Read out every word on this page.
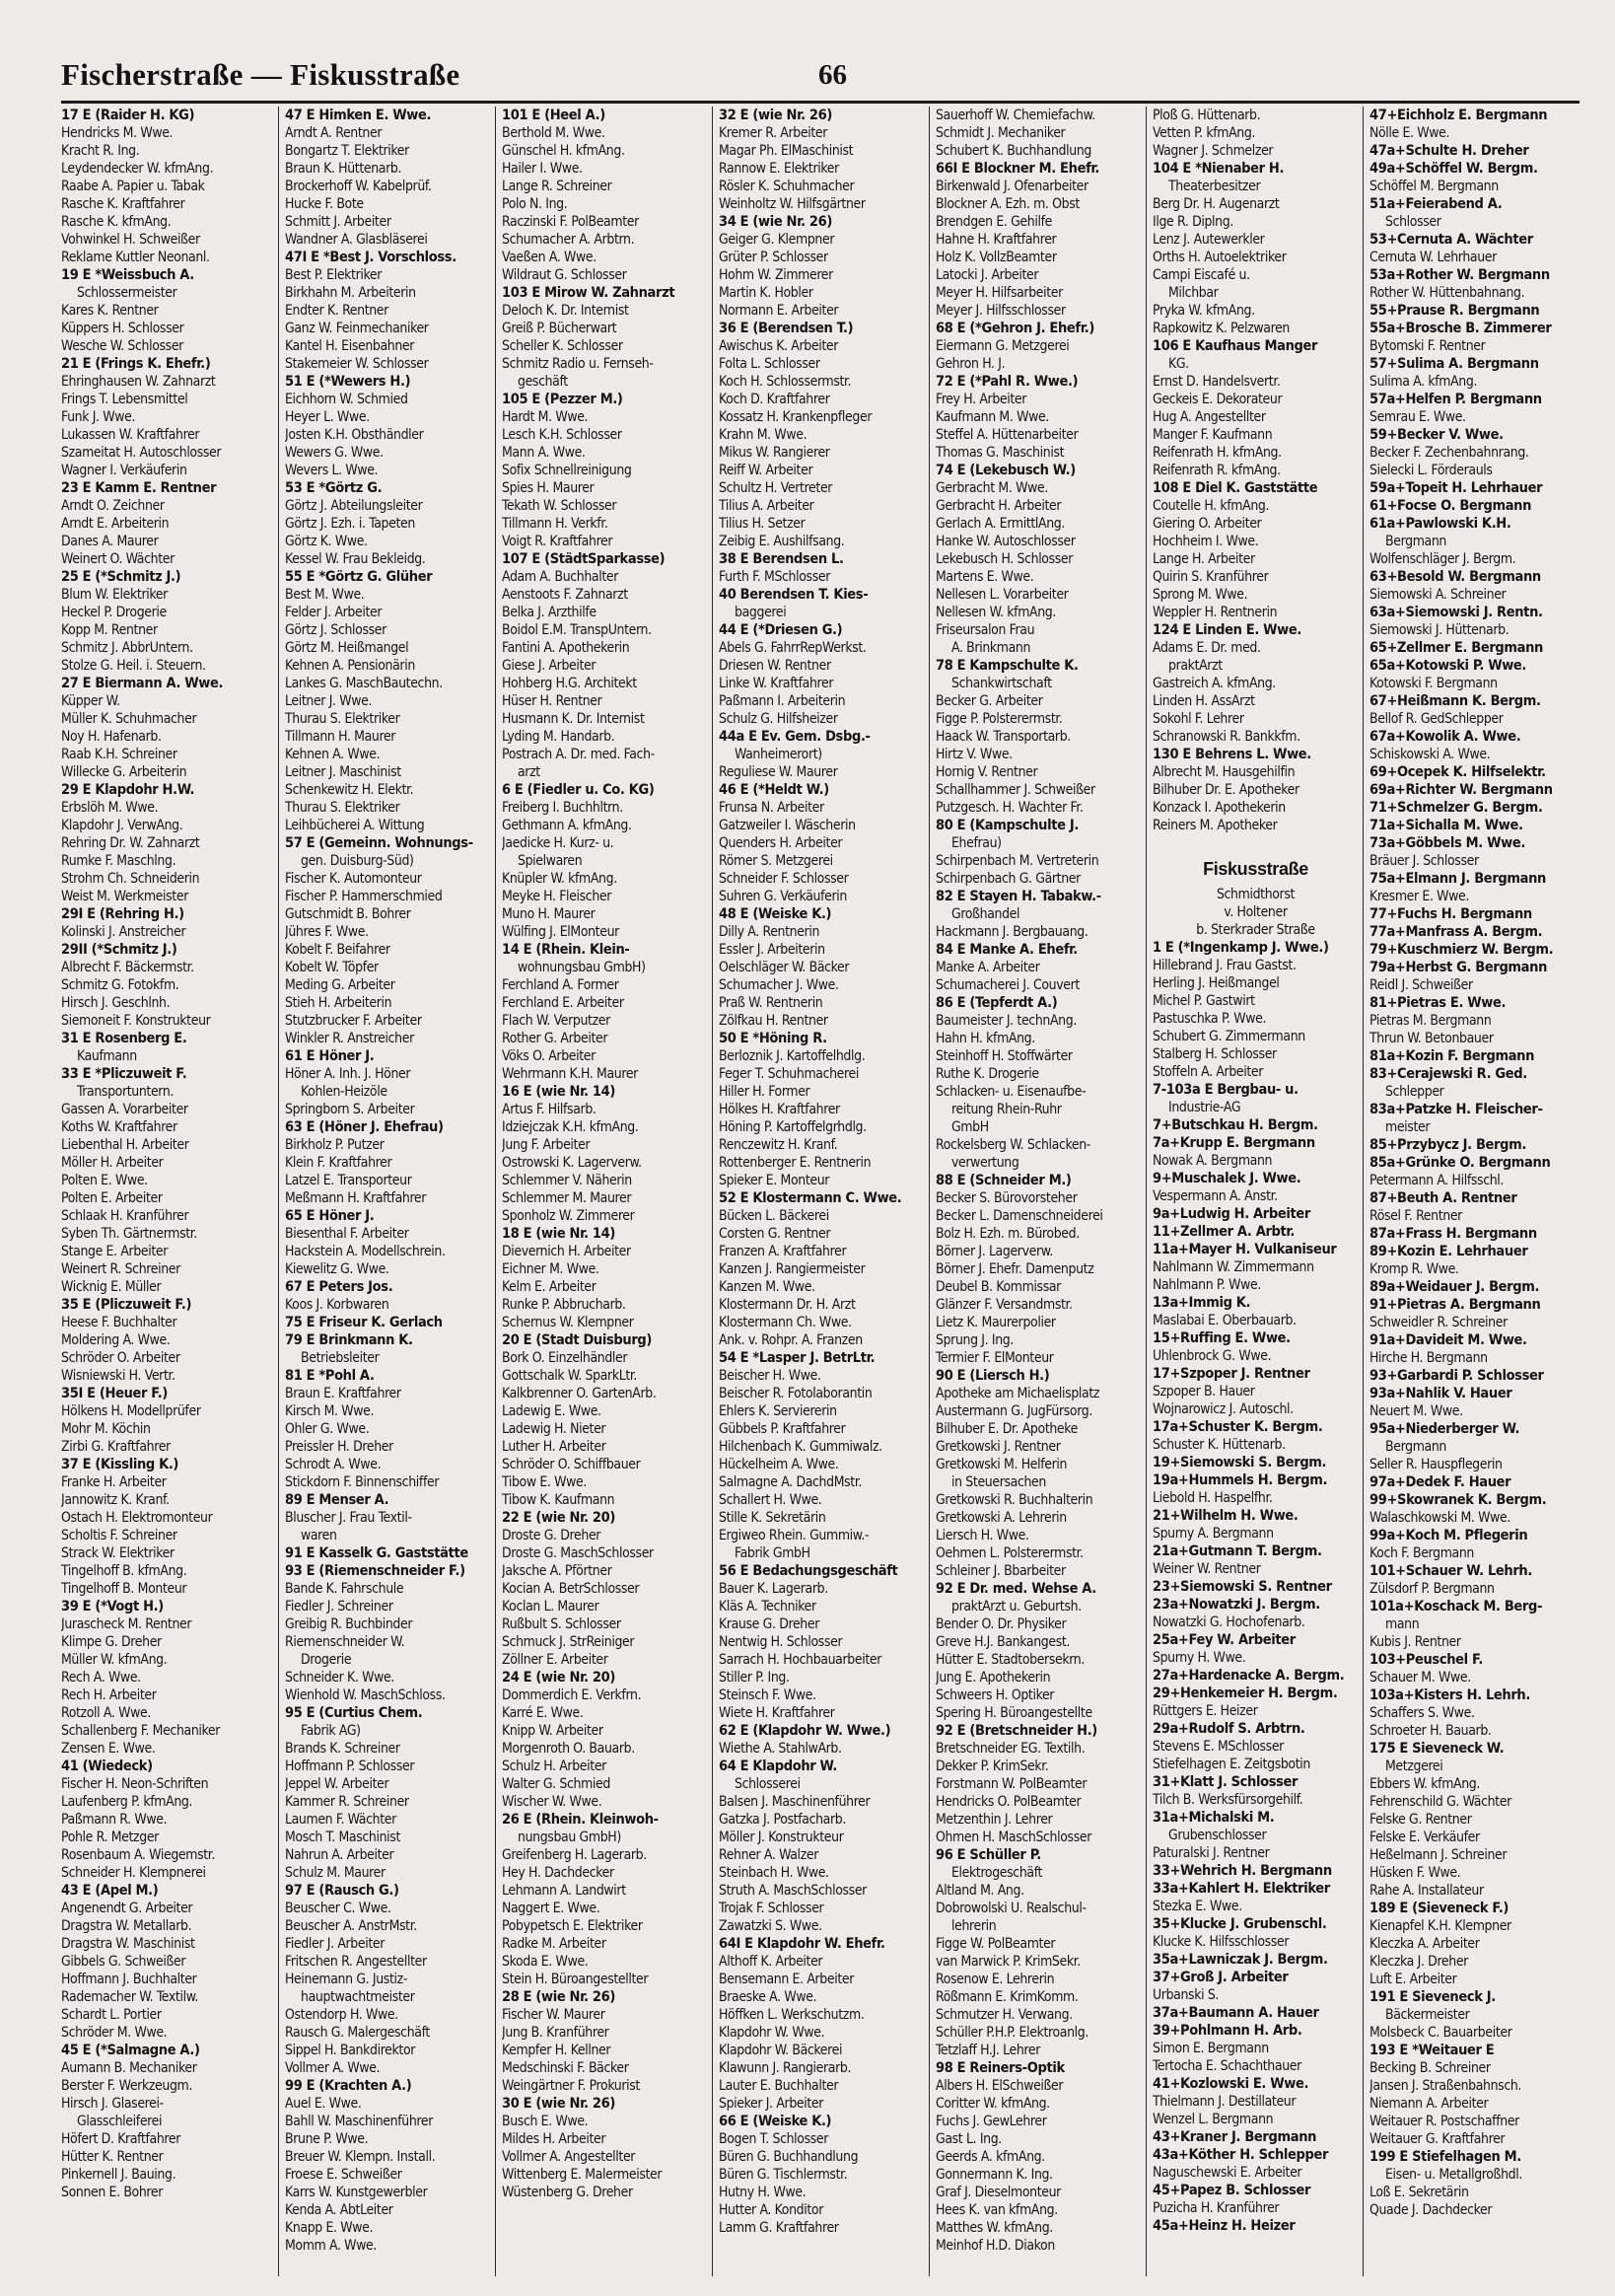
Fischerstraße — Fiskusstraße	66
17 E (Raider H. KG)
Hendricks M. Wwe.
Kracht R. Ing.
Leydendecker W. kfmAng.
Raabe A. Papier u. Tabak
Rasche K. Kraftfahrer
Rasche K. kfmAng.
Vohwinkel H. Schweißer
Reklame Kuttler Neonanl.
19 E *Weissbuch A.
Schlossermeister
Kares K. Rentner
Küppers H. Schlosser
Wesche W. Schlosser
21 E (Frings K. Ehefr.)
Ehringhausen W. Zahnarzt
Frings T. Lebensmittel
Funk J. Wwe.
Lukassen W. Kraftfahrer
Szameitat H. Autoschlosser
Wagner I. Verkäuferin
23 E Kamm E. Rentner
Arndt O. Zeichner
Arndt E. Arbeiterin
Danes A. Maurer
Weinert O. Wächter
25 E (*Schmitz J.)
Blum W. Elektriker
Heckel P. Drogerie
Kopp M. Rentner
Schmitz J. AbbrUntern.
Stolze G. Heil. i. Steuern.
27 E Biermann A. Wwe.
Küpper W.
Müller K. Schuhmacher
Noy H. Hafenarb.
Raab K.H. Schreiner
Willecke G. Arbeiterin
29 E Klapdohr H.W.
Erbslöh M. Wwe.
Klapdohr J. VerwAng.
Rehring Dr. W. Zahnarzt
Rumke F. Maschlng.
Strohm Ch. Schneiderin
Weist M. Werkmeister
29I E (Rehring H.)
Kolinski J. Anstreicher
29II (*Schmitz J.)
Albrecht F. Bäckermstr.
Schmitz G. Fotokfm.
Hirsch J. Geschlnh.
Siemoneit F. Konstrukteur
31 E Rosenberg E.
Kaufmann
33 E *Pliczuweit F.
Transportuntern.
Gassen A. Vorarbeiter
Koths W. Kraftfahrer
Liebenthal H. Arbeiter
Möller H. Arbeiter
Polten E. Wwe.
Polten E. Arbeiter
Schlaak H. Kranführer
Syben Th. Gärtnermstr.
Stange E. Arbeiter
Weinert R. Schreiner
Wicknig E. Müller
35 E (Pliczuweit F.)
Heese F. Buchhalter
Moldering A. Wwe.
Schröder O. Arbeiter
Wisniewski H. Vertr.
35I E (Heuer F.)
Hölkens H. Modellprüfer
Mohr M. Köchin
Zirbi G. Kraftfahrer
37 E (Kissling K.)
Franke H. Arbeiter
Jannowitz K. Kranf.
Ostach H. Elektromonteur
Scholtis F. Schreiner
Strack W. Elektriker
Tingelhoff B. kfmAng.
Tingelhoff B. Monteur
39 E (*Vogt H.)
Jurascheck M. Rentner
Klimpe G. Dreher
Müller W. kfmAng.
Rech A. Wwe.
Rech H. Arbeiter
Rotzoll A. Wwe.
Schallenberg F. Mechaniker
Zensen E. Wwe.
41 (Wiedeck)
Fischer H. Neon-Schriften
Laufenberg P. kfmAng.
Paßmann R. Wwe.
Pohle R. Metzger
Rosenbaum A. Wiegemstr.
Schneider H. Klempnerei
43 E (Apel M.)
Angenendt G. Arbeiter
Dragstra W. Metallarb.
Dragstra W. Maschinist
Gibbels G. Schweißer
Hoffmann J. Buchhalter
Rademacher W. Textilw.
Schardt L. Portier
Schröder M. Wwe.
45 E (*Salmagne A.)
Aumann B. Mechaniker
Berster F. Werkzeugm.
Hirsch J. Glaserei-
Glasschleiferei
Höfert D. Kraftfahrer
Hütter K. Rentner
Pinkernell J. Bauing.
Sonnen E. Bohrer
47 E Himken E. Wwe.
Arndt A. Rentner
Bongartz T. Elektriker
Braun K. Hüttenarb.
Brockerhoff W. Kabelprüf.
Hucke F. Bote
Schmitt J. Arbeiter
Wandner A. Glasbläserei
47I E *Best J. Vorschloss.
Best P. Elektriker
Birkhahn M. Arbeiterin
Endter K. Rentner
Ganz W. Feinmechaniker
Kantel H. Eisenbahner
Stakemeier W. Schlosser
51 E (*Wewers H.)
Eichhorn W. Schmied
Heyer L. Wwe.
Josten K.H. Obsthändler
Wewers G. Wwe.
Wevers L. Wwe.
53 E *Görtz G.
Görtz J. Abteilungsleiter
Görtz J. Ezh. i. Tapeten
Görtz K. Wwe.
Kessel W. Frau Bekleidg.
55 E *Görtz G. Glüher
Best M. Wwe.
Felder J. Arbeiter
Görtz J. Schlosser
Görtz M. Heißmangel
Kehnen A. Pensionärin
Lankes G. MaschBautechn.
Leitner J. Wwe.
Thurau S. Elektriker
Tillmann H. Maurer
Kehnen A. Wwe.
Leitner J. Maschinist
Schenkewitz H. Elektr.
Thurau S. Elektriker
Leihbücherei A. Wittung
57 E (Gemeinn. Wohnungs-
gen. Duisburg-Süd)
Fischer K. Automonteur
Fischer P. Hammerschmied
Gutschmidt B. Bohrer
Jühres F. Wwe.
Kobelt F. Beifahrer
Kobelt W. Töpfer
Meding G. Arbeiter
Stieh H. Arbeiterin
Stutzbrucker F. Arbeiter
Winkler R. Anstreicher
61 E Höner J.
Höner A. Inh. J. Höner
Kohlen-Heizöle
Springborn S. Arbeiter
63 E (Höner J. Ehefrau)
Birkholz P. Putzer
Klein F. Kraftfahrer
Latzel E. Transporteur
Meßmann H. Kraftfahrer
65 E Höner J.
Biesenthal F. Arbeiter
Hackstein A. Modellschrein.
Kiewelitz G. Wwe.
67 E Peters Jos.
Koos J. Korbwaren
75 E Friseur K. Gerlach
79 E Brinkmann K.
Betriebsleiter
81 E *Pohl A.
Braun E. Kraftfahrer
Kirsch M. Wwe.
Ohler G. Wwe.
Preissler H. Dreher
Schrodt A. Wwe.
Stickdorn F. Binnenschiffer
89 E Menser A.
Bluscher J. Frau Textil-
waren
91 E Kasselk G. Gaststätte
93 E (Riemenschneider F.)
Bande K. Fahrschule
Fiedler J. Schreiner
Greibig R. Buchbinder
Riemenschneider W.
Drogerie
Schneider K. Wwe.
Wienhold W. MaschSchloss.
95 E (Curtius Chem.
Fabrik AG)
Brands K. Schreiner
Hoffmann P. Schlosser
Jeppel W. Arbeiter
Kammer R. Schreiner
Laumen F. Wächter
Mosch T. Maschinist
Nahrun A. Arbeiter
Schulz M. Maurer
97 E (Rausch G.)
Beuscher C. Wwe.
Beuscher A. AnstrMstr.
Fiedler J. Arbeiter
Fritschen R. Angestellter
Heinemann G. Justiz-
hauptwachtmeister
Ostendorp H. Wwe.
Rausch G. Malergeschäft
Sippel H. Bankdirektor
Vollmer A. Wwe.
99 E (Krachten A.)
Auel E. Wwe.
Bahll W. Maschinenführer
Brune P. Wwe.
Breuer W. Klempn. Install.
Froese E. Schweißer
Karrs W. Kunstgewerbler
Kenda A. AbtLeiter
Knapp E. Wwe.
Momm A. Wwe.
101 E (Heel A.)
Berthold M. Wwe.
Günschel H. kfmAng.
Hailer I. Wwe.
Lange R. Schreiner
Polo N. Ing.
Raczinski F. PolBeamter
Schumacher A. Arbtrn.
Vaeßen A. Wwe.
Wildraut G. Schlosser
103 E Mirow W. Zahnarzt
Deloch K. Dr. Internist
Greiß P. Bücherwart
Scheller K. Schlosser
Schmitz Radio u. Fernseh-
geschäft
105 E (Pezzer M.)
Hardt M. Wwe.
Lesch K.H. Schlosser
Mann A. Wwe.
Sofix Schnellreinigung
Spies H. Maurer
Tekath W. Schlosser
Tillmann H. Verkfr.
Voigt R. Kraftfahrer
107 E (StädtSparkasse)
Adam A. Buchhalter
Aenstoots F. Zahnarzt
Belka J. Arzthilfe
Boidol E.M. TranspUntern.
Fantini A. Apothekerin
Giese J. Arbeiter
Hohberg H.G. Architekt
Hüser H. Rentner
Husmann K. Dr. Internist
Lyding M. Handarb.
Postrach A. Dr. med. Fach-
arzt
6 E (Fiedler u. Co. KG)
Freiberg I. Buchhltrn.
Gethmann A. kfmAng.
Jaedicke H. Kurz- u.
Spielwaren
Knüpler W. kfmAng.
Meyke H. Fleischer
Muno H. Maurer
Wülfing J. ElMonteur
14 E (Rhein. Klein-
wohnungsbau GmbH)
Ferchland A. Former
Ferchland E. Arbeiter
Flach W. Verputzer
Rother G. Arbeiter
Vöks O. Arbeiter
Wehrmann K.H. Maurer
16 E (wie Nr. 14)
Artus F. Hilfsarb.
Idziejczak K.H. kfmAng.
Jung F. Arbeiter
Ostrowski K. Lagerverw.
Schlemmer V. Näherin
Schlemmer M. Maurer
Sponholz W. Zimmerer
18 E (wie Nr. 14)
Dievernich H. Arbeiter
Eichner M. Wwe.
Kelm E. Arbeiter
Runke P. Abbrucharb.
Schernus W. Klempner
20 E (Stadt Duisburg)
Bork O. Einzelhändler
Gottschalk W. SparkLtr.
Kalkbrenner O. GartenArb.
Ladewig E. Wwe.
Ladewig H. Nieter
Luther H. Arbeiter
Schröder O. Schiffbauer
Tibow E. Wwe.
Tibow K. Kaufmann
22 E (wie Nr. 20)
Droste G. Dreher
Droste G. MaschSchlosser
Jaksche A. Pförtner
Kocian A. BetrSchlosser
Koclan L. Maurer
Rußbult S. Schlosser
Schmuck J. StrReiniger
Zöllner E. Arbeiter
24 E (wie Nr. 20)
Dommerdich E. Verkfrn.
Karré E. Wwe.
Knipp W. Arbeiter
Morgenroth O. Bauarb.
Schulz H. Arbeiter
Walter G. Schmied
Wischer W. Wwe.
26 E (Rhein. Kleinwoh-
nungsbau GmbH)
Greifenberg H. Lagerarb.
Hey H. Dachdecker
Lehmann A. Landwirt
Naggert E. Wwe.
Pobypetsch E. Elektriker
Radke M. Arbeiter
Skoda E. Wwe.
Stein H. Büroangestellter
28 E (wie Nr. 26)
Fischer W. Maurer
Jung B. Kranführer
Kempfer H. Kellner
Medschinski F. Bäcker
Weingärtner F. Prokurist
30 E (wie Nr. 26)
Busch E. Wwe.
Mildes H. Arbeiter
Vollmer A. Angestellter
Wittenberg E. Malermeister
Wüstenberg G. Dreher
32 E (wie Nr. 26)
Kremer R. Arbeiter
Magar Ph. ElMaschinist
Rannow E. Elektriker
Rösler K. Schuhmacher
Weinholtz W. Hilfsgärtner
34 E (wie Nr. 26)
Geiger G. Klempner
Grüter P. Schlosser
Hohm W. Zimmerer
Martin K. Hobler
Normann E. Arbeiter
36 E (Berendsen T.)
Awischus K. Arbeiter
Folta L. Schlosser
Koch H. Schlossermstr.
Koch D. Kraftfahrer
Kossatz H. Krankenpfleger
Krahn M. Wwe.
Mikus W. Rangierer
Reiff W. Arbeiter
Schultz H. Vertreter
Tilius A. Arbeiter
Tilius H. Setzer
Zeibig E. Aushilfsang.
38 E Berendsen L.
Furth F. MSchlosser
40 Berendsen T. Kies-
baggerei
44 E (*Driesen G.)
Abels G. FahrrRepWerkst.
Driesen W. Rentner
Linke W. Kraftfahrer
Paßmann I. Arbeiterin
Schulz G. Hilfsheizer
44a E Ev. Gem. Dsbg.-
Wanheimerort)
Reguliese W. Maurer
46 E (*Heldt W.)
Frunsa N. Arbeiter
Gatzweiler I. Wäscherin
Quenders H. Arbeiter
Römer S. Metzgerei
Schneider F. Schlosser
Suhren G. Verkäuferin
48 E (Weiske K.)
Dilly A. Rentnerin
Essler J. Arbeiterin
Oelschläger W. Bäcker
Schumacher J. Wwe.
Praß W. Rentnerin
Zölfkau H. Rentner
50 E *Höning R.
Berloznik J. Kartoffelhdlg.
Feger T. Schuhmacherei
Hiller H. Former
Hölkes H. Kraftfahrer
Höning P. Kartoffelgrhdlg.
Renczewitz H. Kranf.
Rottenberger E. Rentnerin
Spieker E. Monteur
52 E Klostermann C. Wwe.
Bücken L. Bäckerei
Corsten G. Rentner
Franzen A. Kraftfahrer
Kanzen J. Rangiermeister
Kanzen M. Wwe.
Klostermann Dr. H. Arzt
Klostermann Ch. Wwe.
Ank. v. Rohpr. A. Franzen
54 E *Lasper J. BetrLtr.
Beischer H. Wwe.
Beischer R. Fotolaborantin
Ehlers K. Serviererin
Gübbels P. Kraftfahrer
Hilchenbach K. Gummiwalz.
Hückelheim A. Wwe.
Salmagne A. DachdMstr.
Schallert H. Wwe.
Stille K. Sekretärin
Ergiweo Rhein. Gummiw.-
Fabrik GmbH
56 E Bedachungsgeschäft
Bauer K. Lagerarb.
Kläs A. Techniker
Krause G. Dreher
Nentwig H. Schlosser
Sarrach H. Hochbauarbeiter
Stiller P. Ing.
Steinsch F. Wwe.
Wiete H. Kraftfahrer
62 E (Klapdohr W. Wwe.)
Wiethe A. StahlwArb.
64 E Klapdohr W.
Schlosserei
Balsen J. Maschinenführer
Gatzka J. Postfacharb.
Möller J. Konstrukteur
Rehner A. Walzer
Steinbach H. Wwe.
Struth A. MaschSchlosser
Trojak F. Schlosser
Zawatzki S. Wwe.
64I E Klapdohr W. Ehefr.
Althoff K. Arbeiter
Bensemann E. Arbeiter
Braeske A. Wwe.
Höffken L. Werkschutzm.
Klapdohr W. Wwe.
Klapdohr W. Bäckerei
Klawunn J. Rangierarb.
Lauter E. Buchhalter
Spieker J. Arbeiter
66 E (Weiske K.)
Bogen T. Schlosser
Büren G. Buchhandlung
Büren G. Tischlermstr.
Hutny H. Wwe.
Hutter A. Konditor
Lamm G. Kraftfahrer
Sauerhoff W. Chemiefachw.
Schmidt J. Mechaniker
Schubert K. Buchhandlung
66I E Blockner M. Ehefr.
Birkenwald J. Ofenarbeiter
Blockner A. Ezh. m. Obst
Brendgen E. Gehilfe
Hahne H. Kraftfahrer
Holz K. VollzBeamter
Latocki J. Arbeiter
Meyer H. Hilfsarbeiter
Meyer J. Hilfsschlosser
68 E (*Gehron J. Ehefr.)
Eiermann G. Metzgerei
Gehron H. J.
72 E (*Pahl R. Wwe.)
Frey H. Arbeiter
Kaufmann M. Wwe.
Steffel A. Hüttenarbeiter
Thomas G. Maschinist
74 E (Lekebusch W.)
Gerbracht M. Wwe.
Gerbracht H. Arbeiter
Gerlach A. ErmittlAng.
Hanke W. Autoschlosser
Lekebusch H. Schlosser
Martens E. Wwe.
Nellesen L. Vorarbeiter
Nellesen W. kfmAng.
Friseursalon Frau
A. Brinkmann
78 E Kampschulte K.
Schankwirtschaft
Becker G. Arbeiter
Figge P. Polsterermstr.
Haack W. Transportarb.
Hirtz V. Wwe.
Hornig V. Rentner
Schallhammer J. Schweißer
Putzgesch. H. Wachter Fr.
80 E (Kampschulte J.
Ehefrau)
Schirpenbach M. Vertreterin
Schirpenbach G. Gärtner
82 E Stayen H. Tabakw.-
Großhandel
Hackmann J. Bergbauang.
84 E Manke A. Ehefr.
Manke A. Arbeiter
Schumacherei J. Couvert
86 E (Tepferdt A.)
Baumeister J. technAng.
Hahn H. kfmAng.
Steinhoff H. Stoffwärter
Ruthe K. Drogerie
Schlacken- u. Eisenaufbe-
reitung Rhein-Ruhr
GmbH
Rockelsberg W. Schlacken-
verwertung
88 E (Schneider M.)
Becker S. Bürovorsteher
Becker L. Damenschneiderei
Bolz H. Ezh. m. Bürobed.
Börner J. Lagerverw.
Börner J. Ehefr. Damenputz
Deubel B. Kommissar
Glänzer F. Versandmstr.
Lietz K. Maurerpolier
Sprung J. Ing.
Termier F. ElMonteur
90 E (Liersch H.)
Apotheke am Michaelisplatz
Austermann G. JugFürsorg.
Bilhuber E. Dr. Apotheke
Gretkowski J. Rentner
Gretkowski M. Helferin
in Steuersachen
Gretkowski R. Buchhalterin
Gretkowski A. Lehrerin
Liersch H. Wwe.
Oehmen L. Polsterermstr.
Schleiner J. Bbarbeiter
92 E Dr. med. Wehse A.
praktArzt u. Geburtsh.
Bender O. Dr. Physiker
Greve H.J. Bankangest.
Hütter E. Stadtobersekrn.
Jung E. Apothekerin
Schweers H. Optiker
Spering H. Büroangestellte
92 E (Bretschneider H.)
Bretschneider EG. Textilh.
Dekker P. KrimSekr.
Forstmann W. PolBeamter
Hendricks O. PolBeamter
Metzenthin J. Lehrer
Ohmen H. MaschSchlosser
96 E Schüller P.
Elektrogeschäft
Altland M. Ang.
Dobrowolski U. Realschul-
lehrerin
Figge W. PolBeamter
van Marwick P. KrimSekr.
Rosenow E. Lehrerin
Rößmann E. KrimKomm.
Schmutzer H. Verwang.
Schüller P.H.P. Elektroanlg.
Tetzlaff H.J. Lehrer
98 E Reiners-Optik
Albers H. ElSchweißer
Coritter W. kfmAng.
Fuchs J. GewLehrer
Gast L. Ing.
Geerds A. kfmAng.
Gonnermann K. Ing.
Graf J. Dieselmonteur
Hees K. van kfmAng.
Matthes W. kfmAng.
Meinhof H.D. Diakon
Ploß G. Hüttenarb.
Vetten P. kfmAng.
Wagner J. Schmelzer
104 E *Nienaber H.
Theaterbesitzer
Berg Dr. H. Augenarzt
Ilge R. Diplng.
Lenz J. Autewerkler
Orths H. Autoelektriker
Campi Eiscafé u.
Milchbar
Pryka W. kfmAng.
Rapkowitz K. Pelzwaren
106 E Kaufhaus Manger
KG.
Ernst D. Handelsvertr.
Geckeis E. Dekorateur
Hug A. Angestellter
Manger F. Kaufmann
Reifenrath H. kfmAng.
Reifenrath R. kfmAng.
108 E Diel K. Gaststätte
Coutelle H. kfmAng.
Giering O. Arbeiter
Hochheim I. Wwe.
Lange H. Arbeiter
Quirin S. Kranführer
Sprong M. Wwe.
Weppler H. Rentnerin
124 E Linden E. Wwe.
Adams E. Dr. med.
praktArzt
Gastreich A. kfmAng.
Linden H. AssArzt
Sokohl F. Lehrer
Schranowski R. Bankkfm.
130 E Behrens L. Wwe.
Albrecht M. Hausgehilfin
Bilhuber Dr. E. Apotheker
Konzack I. Apothekerin
Reiners M. Apotheker
Fiskusstraße
Schmidthorst
v. Holtener
b. Sterkrader Straße
1 E (*Ingenkamp J. Wwe.)
Hillebrand J. Frau Gastst.
Herling J. Heißmangel
Michel P. Gastwirt
Pastuschka P. Wwe.
Schubert G. Zimmermann
Stalberg H. Schlosser
Stoffeln A. Arbeiter
7-103a E Bergbau- u.
Industrie-AG
7+Butschkau H. Bergm.
7a+Krupp E. Bergmann
Nowak A. Bergmann
9+Muschalek J. Wwe.
Vespermann A. Anstr.
9a+Ludwig H. Arbeiter
11+Zellmer A. Arbtr.
11a+Mayer H. Vulkaniseur
Nahlmann W. Zimmermann
Nahlmann P. Wwe.
13a+Immig K.
Maslabai E. Oberbauarb.
15+Ruffing E. Wwe.
Uhlenbrock G. Wwe.
17+Szpoper J. Rentner
Szpoper B. Hauer
Wojnarowicz J. Autoschl.
17a+Schuster K. Bergm.
Schuster K. Hüttenarb.
19+Siemowski S. Bergm.
19a+Hummels H. Bergm.
Liebold H. Haspelfhr.
21+Wilhelm H. Wwe.
Spurny A. Bergmann
21a+Gutmann T. Bergm.
Weiner W. Rentner
23+Siemowski S. Rentner
23a+Nowatzki J. Bergm.
Nowatzki G. Hochofenarb.
25a+Fey W. Arbeiter
Spurny H. Wwe.
27a+Hardenacke A. Bergm.
29+Henkemeier H. Bergm.
Rüttgers E. Heizer
29a+Rudolf S. Arbtrn.
Stevens E. MSchlosser
Stiefelhagen E. Zeitgsbotin
31+Klatt J. Schlosser
Tilch B. Werksfürsorgehilf.
31a+Michalski M.
Grubenschlosser
Paturalski J. Rentner
33+Wehrich H. Bergmann
33a+Kahlert H. Elektriker
Stezka E. Wwe.
35+Klucke J. Grubenschl.
Klucke K. Hilfsschlosser
35a+Lawniczak J. Bergm.
37+Groß J. Arbeiter
Urbanski S.
37a+Baumann A. Hauer
39+Pohlmann H. Arb.
Simon E. Bergmann
Tertocha E. Schachthauer
41+Kozlowski E. Wwe.
Thielmann J. Destillateur
Wenzel L. Bergmann
43+Kraner J. Bergmann
43a+Köther H. Schlepper
Naguschewski E. Arbeiter
45+Papez B. Schlosser
Puzicha H. Kranführer
45a+Heinz H. Heizer
47+Eichholz E. Bergmann
Nölle E. Wwe.
47a+Schulte H. Dreher
49a+Schöffel W. Bergm.
Schöffel M. Bergmann
51a+Feierabend A.
Schlosser
53+Cernuta A. Wächter
Cernuta W. Lehrhauer
53a+Rother W. Bergmann
Rother W. Hüttenbahnang.
55+Prause R. Bergmann
55a+Brosche B. Zimmerer
Bytomski F. Rentner
57+Sulima A. Bergmann
Sulima A. kfmAng.
57a+Helfen P. Bergmann
Semrau E. Wwe.
59+Becker V. Wwe.
Becker F. Zechenbahnrang.
Sielecki L. Förderauls
59a+Topeit H. Lehrhauer
61+Focse O. Bergmann
61a+Pawlowski K.H.
Bergmann
Wolfenschläger J. Bergm.
63+Besold W. Bergmann
Siemowski A. Schreiner
63a+Siemowski J. Rentn.
Siemowski J. Hüttenarb.
65+Zellmer E. Bergmann
65a+Kotowski P. Wwe.
Kotowski F. Bergmann
67+Heißmann K. Bergm.
Bellof R. GedSchlepper
67a+Kowolik A. Wwe.
Schiskowski A. Wwe.
69+Ocepek K. Hilfselektr.
69a+Richter W. Bergmann
71+Schmelzer G. Bergm.
71a+Sichalla M. Wwe.
73a+Göbbels M. Wwe.
Bräuer J. Schlosser
75a+Elmann J. Bergmann
Kresmer E. Wwe.
77+Fuchs H. Bergmann
77a+Manfrass A. Bergm.
79+Kuschmierz W. Bergm.
79a+Herbst G. Bergmann
Reidl J. Schweißer
81+Pietras E. Wwe.
Pietras M. Bergmann
Thrun W. Betonbauer
81a+Kozin F. Bergmann
83+Cerajewski R. Ged.
Schlepper
83a+Patzke H. Fleischer-
meister
85+Przybycz J. Bergm.
85a+Grünke O. Bergmann
Petermann A. Hilfsschl.
87+Beuth A. Rentner
Rösel F. Rentner
87a+Frass H. Bergmann
89+Kozin E. Lehrhauer
Kromp R. Wwe.
89a+Weidauer J. Bergm.
91+Pietras A. Bergmann
Schweidler R. Schreiner
91a+Davideit M. Wwe.
Hirche H. Bergmann
93+Garbardi P. Schlosser
93a+Nahlik V. Hauer
Neuert M. Wwe.
95a+Niederberger W.
Bergmann
Seller R. Hauspflegerin
97a+Dedek F. Hauer
99+Skowranek K. Bergm.
Walaschkowski M. Wwe.
99a+Koch M. Pflegerin
Koch F. Bergmann
101+Schauer W. Lehrh.
Zülsdorf P. Bergmann
101a+Koschack M. Berg-
mann
Kubis J. Rentner
103+Peuschel F.
Schauer M. Wwe.
103a+Kisters H. Lehrh.
Schaffers S. Wwe.
Schroeter H. Bauarb.
175 E Sieveneck W.
Metzgerei
Ebbers W. kfmAng.
Fehrenschild G. Wächter
Felske G. Rentner
Felske E. Verkäufer
Heßelmann J. Schreiner
Hüsken F. Wwe.
Rahe A. Installateur
189 E (Sieveneck F.)
Kienapfel K.H. Klempner
Kleczka A. Arbeiter
Kleczka J. Dreher
Luft E. Arbeiter
191 E Sieveneck J.
Bäckermeister
Molsbeck C. Bauarbeiter
193 E *Weitauer E
Becking B. Schreiner
Jansen J. Straßenbahnsch.
Niemann A. Arbeiter
Weitauer R. Postschaffner
Weitauer G. Kraftfahrer
199 E Stiefelhagen M.
Eisen- u. Metallgroßhdl.
Loß E. Sekretärin
Quade J. Dachdecker
